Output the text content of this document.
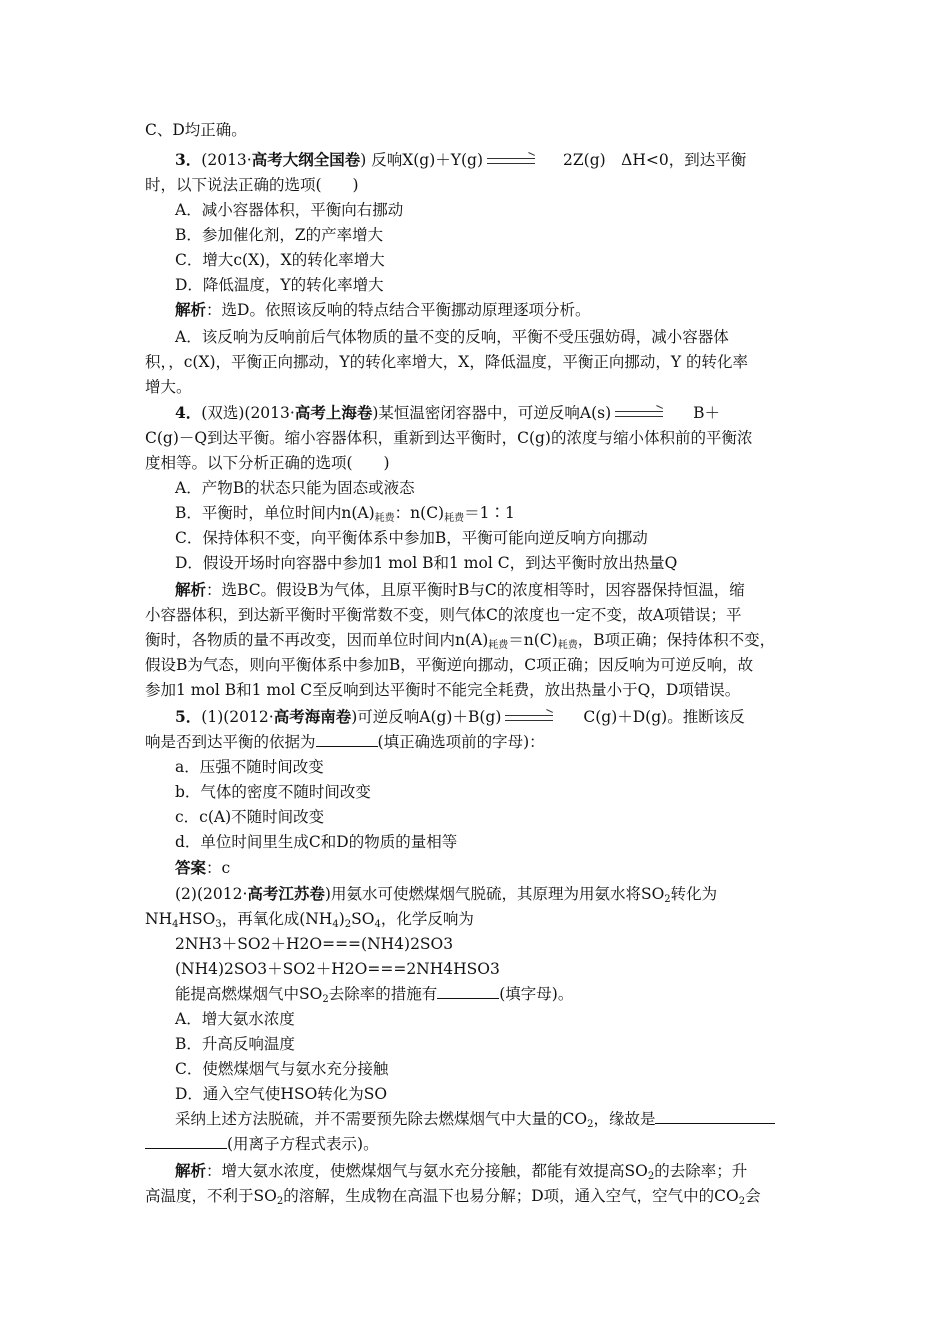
C、D均正确。
3．(2013·高考大纲全国卷) 反响X(g)＋Y(g) → 2Z(g)　ΔH<0，到达平衡
时，以下说法正确的选项(　　)
A．减小容器体积，平衡向右挪动
B．参加催化剂，Z的产率增大
C．增大c(X)，X的转化率增大
D．降低温度，Y的转化率增大
解析：选D。依照该反响的特点结合平衡挪动原理逐项分析。
A．该反响为反响前后气体物质的量不变的反响，平衡不受压强妨碍，减小容器体
积，，c(X)，平衡正向挪动，Y的转化率增大，X，降低温度，平衡正向挪动，Y 的转化率
增大。
4．(双选)(2013·高考上海卷)某恒温密闭容器中，可逆反响A(s) → B＋
C(g)－Q到达平衡。缩小容器体积，重新到达平衡时，C(g)的浓度与缩小体积前的平衡浓
度相等。以下分析正确的选项(　　)
A．产物B的状态只能为固态或液态
B．平衡时，单位时间内$n(A)_{耗费}$：$n(C)_{耗费}=1∶1$
C．保持体积不变，向平衡体系中参加B，平衡可能向逆反响方向挪动
D．假设开场时向容器中参加1 mol B和1 mol C，到达平衡时放出热量Q
解析：选BC。假设B为气体，且原平衡时B与C的浓度相等时，因容器保持恒温，缩
小容器体积，到达新平衡时平衡常数不变，则气体C的浓度也一定不变，故A项错误；平
衡时，各物质的量不再改变，因而单位时间内$n(A)_{耗费}=n(C)_{耗费}$，B项正确；保持体积不变，
假设B为气态，则向平衡体系中参加B，平衡逆向挪动，C项正确；因反响为可逆反响，故
参加1 mol B和1 mol C至反响到达平衡时不能完全耗费，放出热量小于Q，D项错误。
5．(1)(2012·高考海南卷)可逆反响A(g)＋B(g) → C(g)＋D(g)。推断该反
响是否到达平衡的依据为	(填正确选项前的字母)：
a．压强不随时间改变
b．气体的密度不随时间改变
c．c(A)不随时间改变
d．单位时间里生成C和D的物质的量相等
答案：c
(2)(2012·高考江苏卷)用氨水可使燃煤烟气脱硫，其原理为用氨水将$SO_2$转化为
$NH_4HSO_3$，再氧化成$(NH_4)_2SO_4$，化学反响为
2NH3＋SO2＋H2O===(NH4)2SO3
(NH4)2SO3＋SO2＋H2O===2NH4HSO3
能提高燃煤烟气中$SO_2$去除率的措施有	(填字母)。
A．增大氨水浓度
B．升高反响温度
C．使燃煤烟气与氨水充分接触
D．通入空气使HSO转化为SO
采纳上述方法脱硫，并不需要预先除去燃煤烟气中大量的$CO_2$，缘故是
(用离子方程式表示)。
解析：增大氨水浓度，使燃煤烟气与氨水充分接触，都能有效提高$SO_2$的去除率；升
高温度，不利于$SO_2$的溶解，生成物在高温下也易分解；D项，通入空气，空气中的$CO_2$会
